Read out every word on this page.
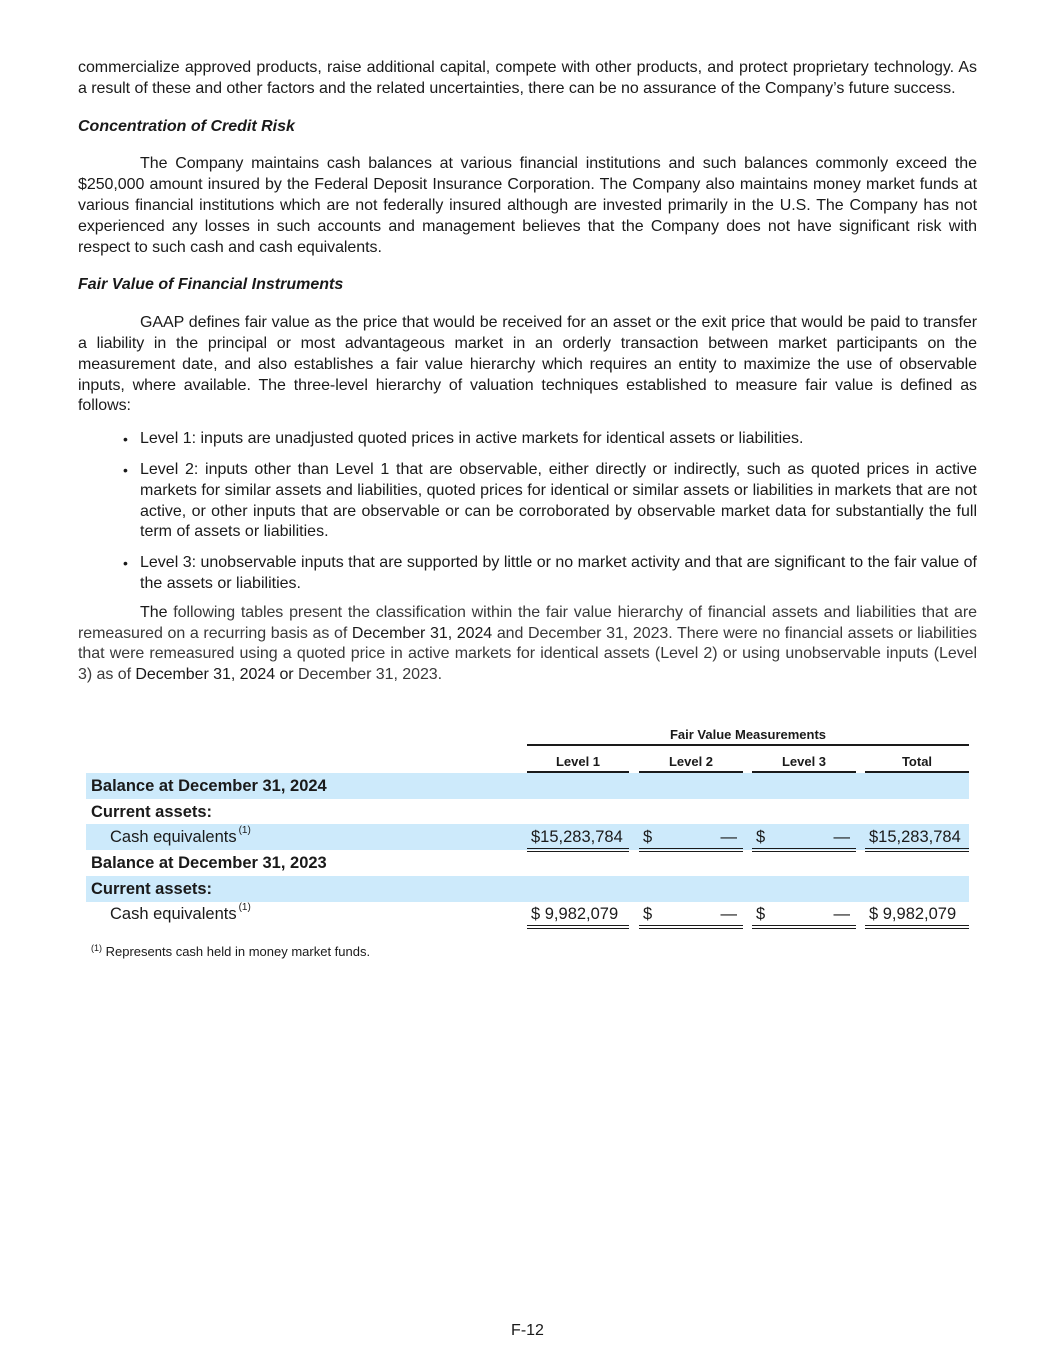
commercialize approved products, raise additional capital, compete with other products, and protect proprietary technology. As a result of these and other factors and the related uncertainties, there can be no assurance of the Company’s future success.

Concentration of Credit Risk

The Company maintains cash balances at various financial institutions and such balances commonly exceed the $250,000 amount insured by the Federal Deposit Insurance Corporation. The Company also maintains money market funds at various financial institutions which are not federally insured although are invested primarily in the U.S. The Company has not experienced any losses in such accounts and management believes that the Company does not have significant risk with respect to such cash and cash equivalents.

Fair Value of Financial Instruments

GAAP defines fair value as the price that would be received for an asset or the exit price that would be paid to transfer a liability in the principal or most advantageous market in an orderly transaction between market participants on the measurement date, and also establishes a fair value hierarchy which requires an entity to maximize the use of observable inputs, where available. The three-level hierarchy of valuation techniques established to measure fair value is defined as follows:

• Level 1: inputs are unadjusted quoted prices in active markets for identical assets or liabilities.
• Level 2: inputs other than Level 1 that are observable, either directly or indirectly, such as quoted prices in active markets for similar assets and liabilities, quoted prices for identical or similar assets or liabilities in markets that are not active, or other inputs that are observable or can be corroborated by observable market data for substantially the full term of assets or liabilities.
• Level 3: unobservable inputs that are supported by little or no market activity and that are significant to the fair value of the assets or liabilities.

The following tables present the classification within the fair value hierarchy of financial assets and liabilities that are remeasured on a recurring basis as of December 31, 2024 and December 31, 2023. There were no financial assets or liabilities that were remeasured using a quoted price in active markets for identical assets (Level 2) or using unobservable inputs (Level 3) as of December 31, 2024 or December 31, 2023.

Fair Value Measurements
Level 1	Level 2	Level 3	Total
Balance at December 31, 2024
Current assets:
Cash equivalents $^{(1)}$	$15,283,784 $	— $	— $15,283,784
Balance at December 31, 2023
Current assets:
Cash equivalents $^{(1)}$	$ 9,982,079 $	— $	— $ 9,982,079
$^{(1)}$ Represents cash held in money market funds.
F-12
